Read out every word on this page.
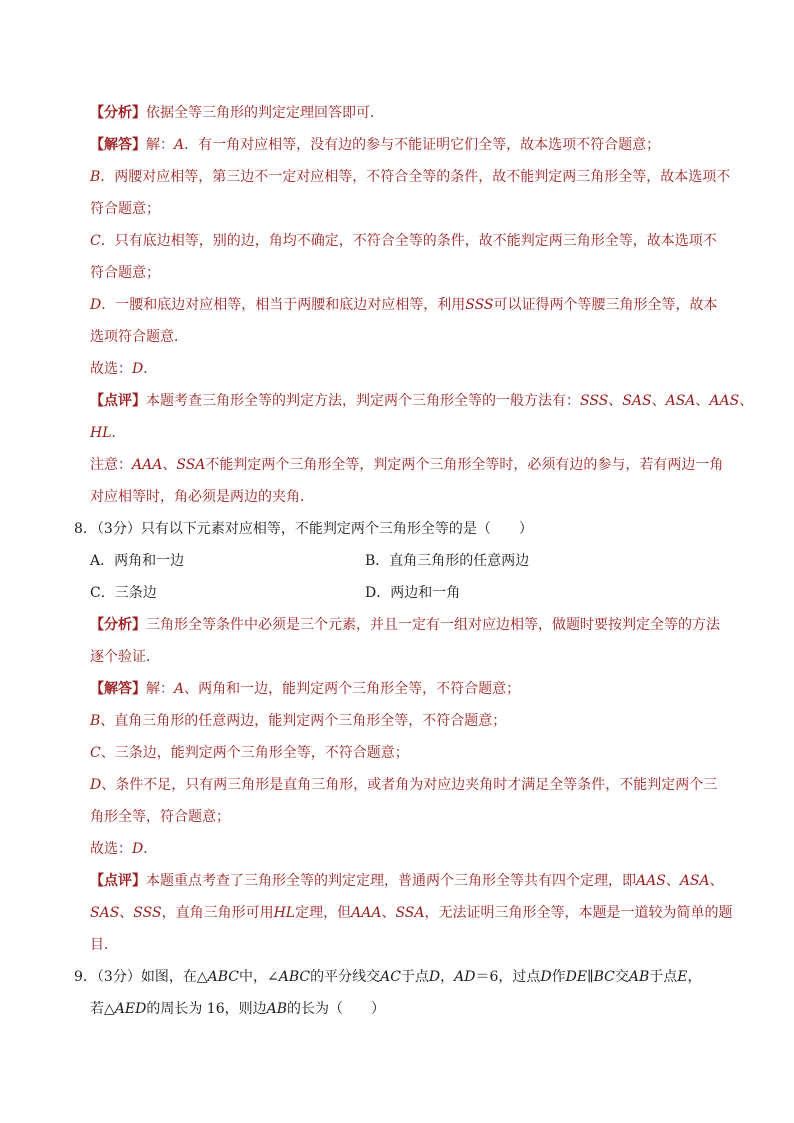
【分析】依据全等三角形的判定定理回答即可．
【解答】解：A．有一角对应相等，没有边的参与不能证明它们全等，故本选项不符合题意；
B．两腰对应相等，第三边不一定对应相等，不符合全等的条件，故不能判定两三角形全等，故本选项不
符合题意；
C．只有底边相等，别的边，角均不确定，不符合全等的条件，故不能判定两三角形全等，故本选项不
符合题意；
D．一腰和底边对应相等，相当于两腰和底边对应相等，利用SSS可以证得两个等腰三角形全等，故本
选项符合题意．
故选：D．
【点评】本题考查三角形全等的判定方法，判定两个三角形全等的一般方法有：SSS、SAS、ASA、AAS、
HL．
注意：AAA、SSA不能判定两个三角形全等，判定两个三角形全等时，必须有边的参与，若有两边一角
对应相等时，角必须是两边的夹角．
8．（3分）只有以下元素对应相等，不能判定两个三角形全等的是（　　）
A．两角和一边	B．直角三角形的任意两边
C．三条边	D．两边和一角
【分析】三角形全等条件中必须是三个元素，并且一定有一组对应边相等，做题时要按判定全等的方法
逐个验证．
【解答】解：A、两角和一边，能判定两个三角形全等，不符合题意；
B、直角三角形的任意两边，能判定两个三角形全等，不符合题意；
C、三条边，能判定两个三角形全等，不符合题意；
D、条件不足，只有两三角形是直角三角形，或者角为对应边夹角时才满足全等条件，不能判定两个三
角形全等，符合题意；
故选：D．
【点评】本题重点考查了三角形全等的判定定理，普通两个三角形全等共有四个定理，即AAS、ASA、
SAS、SSS，直角三角形可用HL定理，但AAA、SSA，无法证明三角形全等，本题是一道较为简单的题
目．
9．（3分）如图，在△ABC中，∠ABC的平分线交AC于点D，AD＝6，过点D作DE∥BC交AB于点E，
若△AED的周长为 16，则边AB的长为（　　）
